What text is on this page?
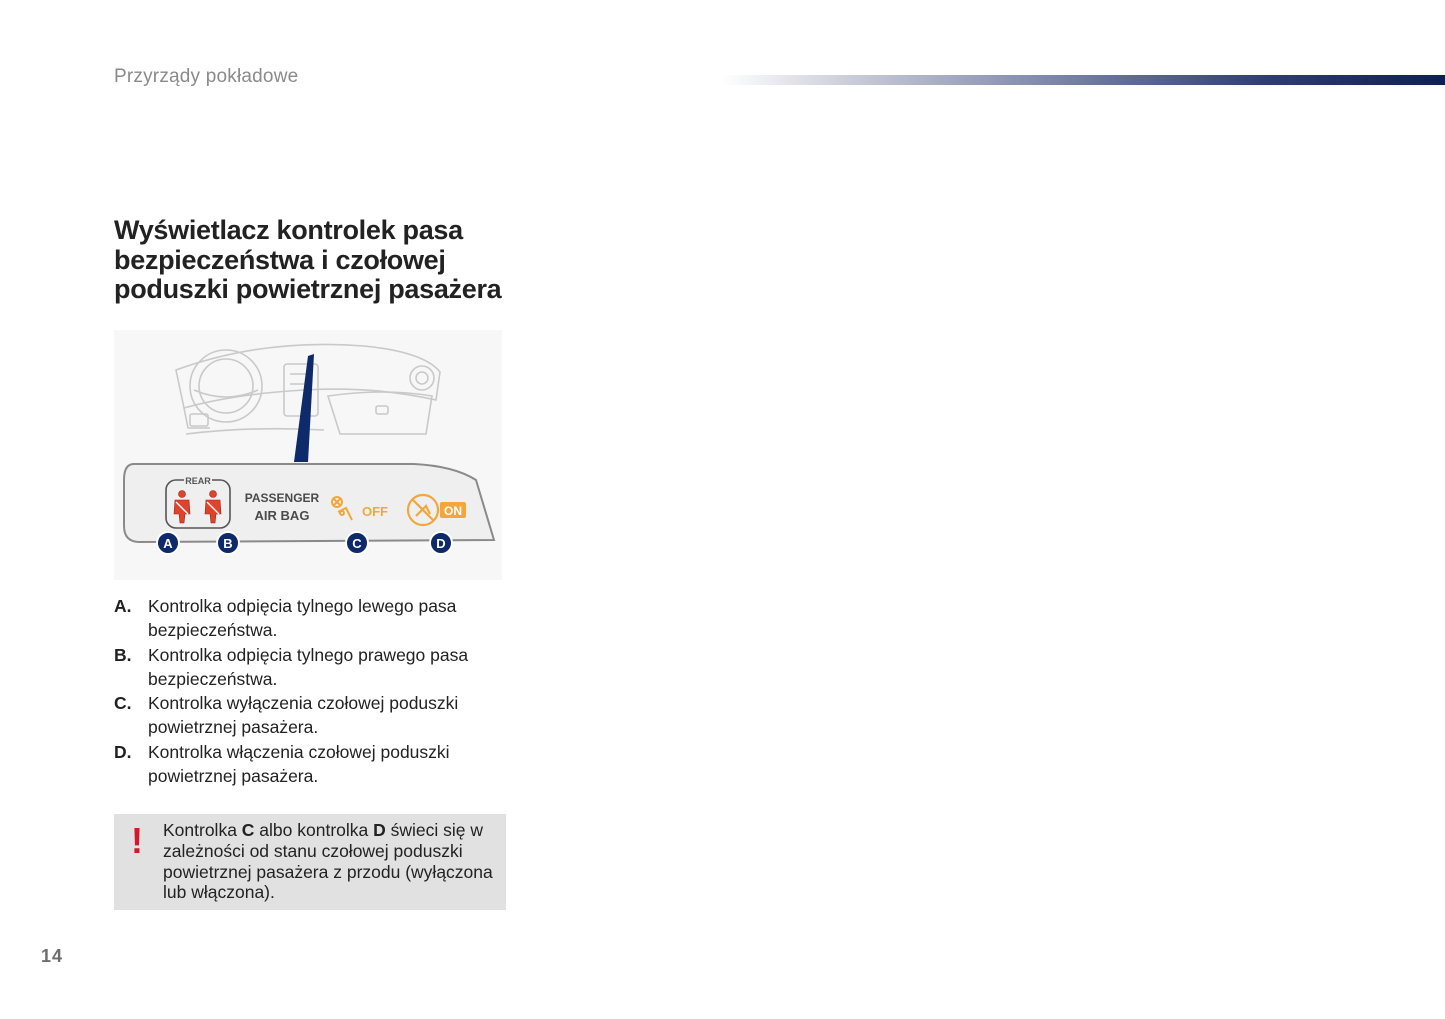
Przyrządy pokładowe
Wyświetlacz kontrolek pasa
bezpieczeństwa i czołowej
poduszki powietrznej pasażera
REAR
PASSENGER
AIR BAG	OFF	ON
A	B	C	D
A. Kontrolka odpięcia tylnego lewego pasa bezpieczeństwa.
B. Kontrolka odpięcia tylnego prawego pasa bezpieczeństwa.
C. Kontrolka wyłączenia czołowej poduszki powietrznej pasażera.
D. Kontrolka włączenia czołowej poduszki powietrznej pasażera.
! Kontrolka C albo kontrolka D świeci się w zależności od stanu czołowej poduszki powietrznej pasażera z przodu (wyłączona lub włączona).
14
